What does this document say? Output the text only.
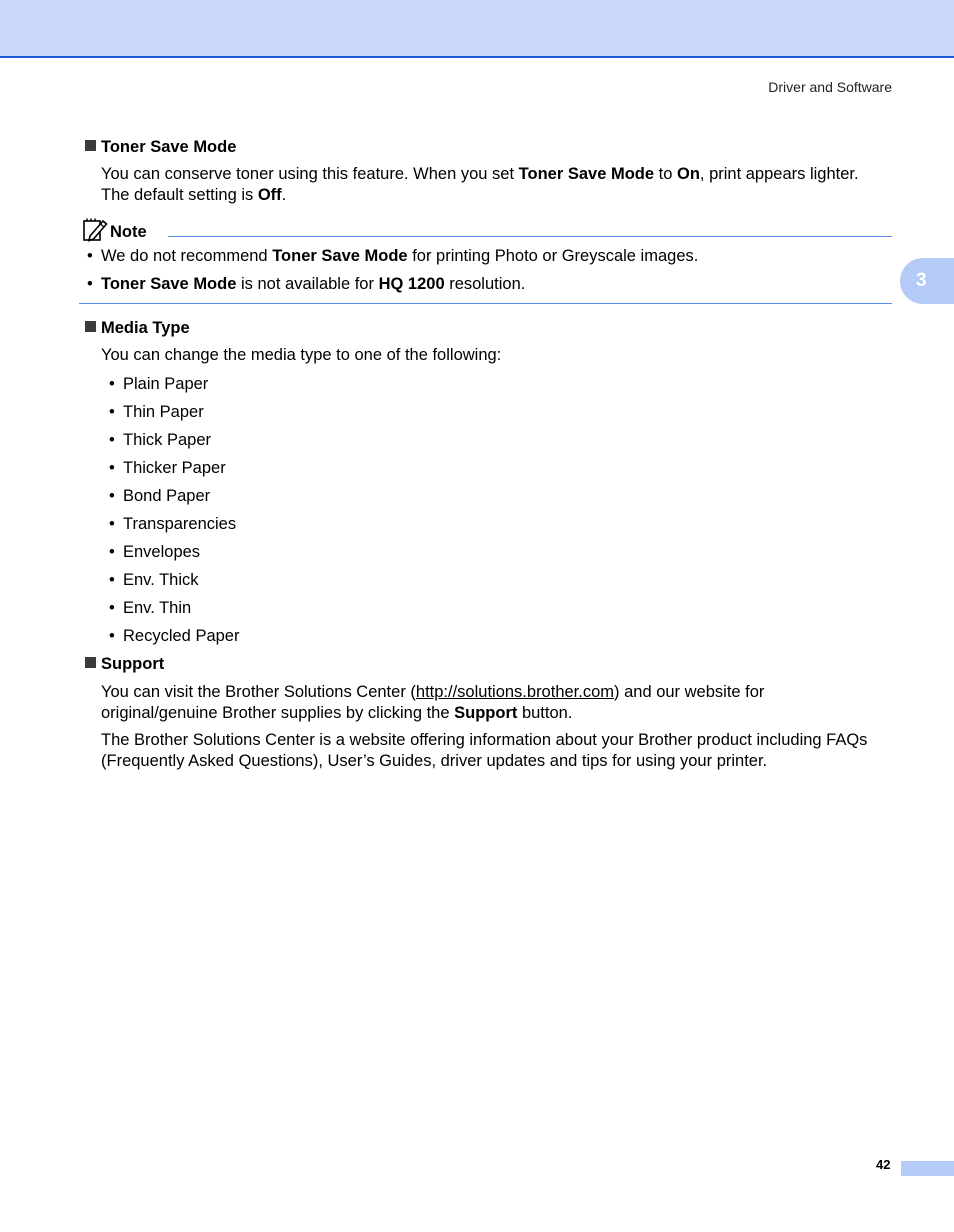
Driver and Software
3
Toner Save Mode
You can conserve toner using this feature. When you set Toner Save Mode to On, print appears lighter.
The default setting is Off.
Note
• We do not recommend Toner Save Mode for printing Photo or Greyscale images.
• Toner Save Mode is not available for HQ 1200 resolution.
Media Type
You can change the media type to one of the following:
• Plain Paper
• Thin Paper
• Thick Paper
• Thicker Paper
• Bond Paper
• Transparencies
• Envelopes
• Env. Thick
• Env. Thin
• Recycled Paper
Support
You can visit the Brother Solutions Center (http://solutions.brother.com) and our website for
original/genuine Brother supplies by clicking the Support button.
The Brother Solutions Center is a website offering information about your Brother product including FAQs
(Frequently Asked Questions), User’s Guides, driver updates and tips for using your printer.
42
